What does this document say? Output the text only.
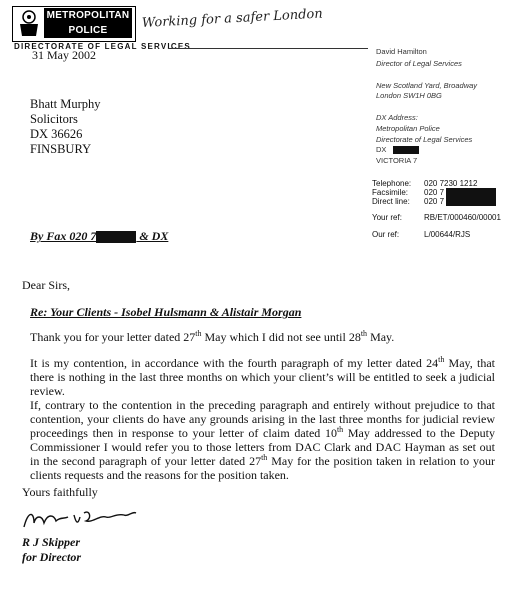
METROPOLITAN
POLICE	Working for a safer London
DIRECTORATE OF LEGAL SERVICES
31 May 2002	David Hamilton
Director of Legal Services
New Scotland Yard, Broadway
London SW1H 0BG
DX Address:
Metropolitan Police
Directorate of Legal Services
DX
VICTORIA 7
Telephone: 020 7230 1212
Facsimile: 020 7
Direct line: 020 7
Your ref:	RB/ET/000460/00001
Our ref:	L/00644/RJS
Bhatt Murphy
Solicitors
DX 36626
FINSBURY
By Fax 020 7	& DX
Dear Sirs,
Re: Your Clients - Isobel Hulsmann & Alistair Morgan
Thank you for your letter dated 27th May which I did not see until 28th May.
It is my contention, in accordance with the fourth paragraph of my letter dated 24th May, that there is nothing in the last three months on which your client’s will be entitled to seek a judicial review.
If, contrary to the contention in the preceding paragraph and entirely without prejudice to that contention, your clients do have any grounds arising in the last three months for judicial review proceedings then in response to your letter of claim dated 10th May addressed to the Deputy Commissioner I would refer you to those letters from DAC Clark and DAC Hayman as set out in the second paragraph of your letter dated 27th May for the position taken in relation to your clients requests and the reasons for the position taken.
Yours faithfully
R J Skipper
for Director
